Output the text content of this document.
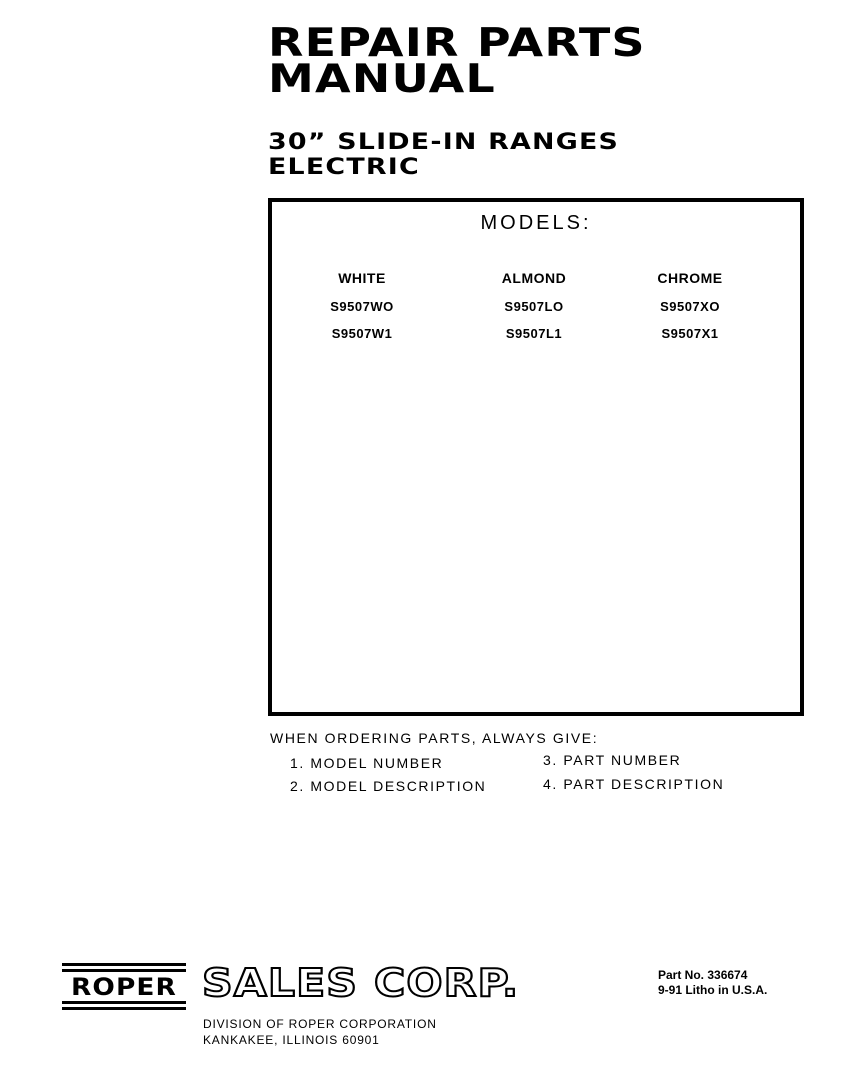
REPAIR PARTS
MANUAL
30” SLIDE-IN RANGES
ELECTRIC
MODELS:
WHITE
S9507WO
S9507W1
ALMOND
S9507LO
S9507L1
CHROME
S9507XO
S9507X1
WHEN ORDERING PARTS, ALWAYS GIVE:
1. MODEL NUMBER
2. MODEL DESCRIPTION
3. PART NUMBER
4. PART DESCRIPTION
ROPER SALES CORP.	Part No. 336674
9-91 Litho in U.S.A.
DIVISION OF ROPER CORPORATION
KANKAKEE, ILLINOIS 60901
